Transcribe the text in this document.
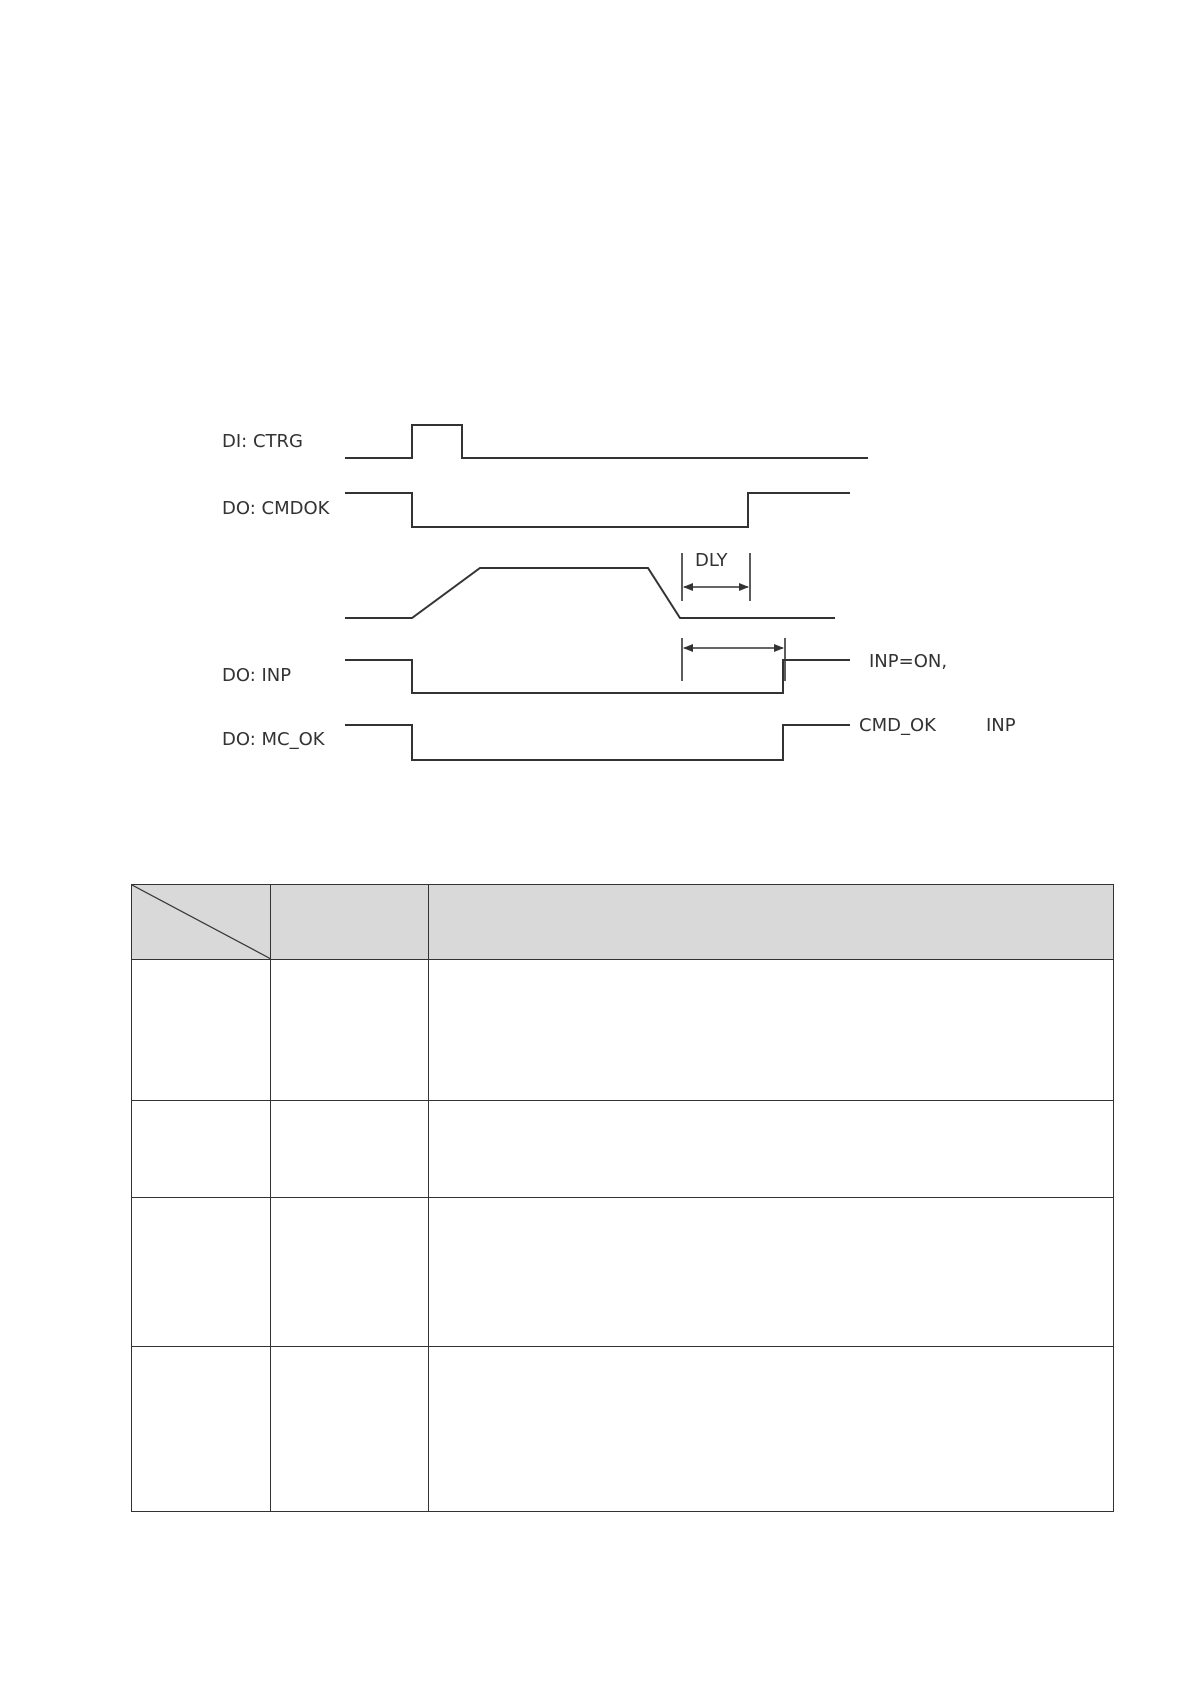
DI: CTRG
DO: CMDOK
DO: INP
DO: MC_OK
DLY
INP=ON,
CMD_OK	INP
